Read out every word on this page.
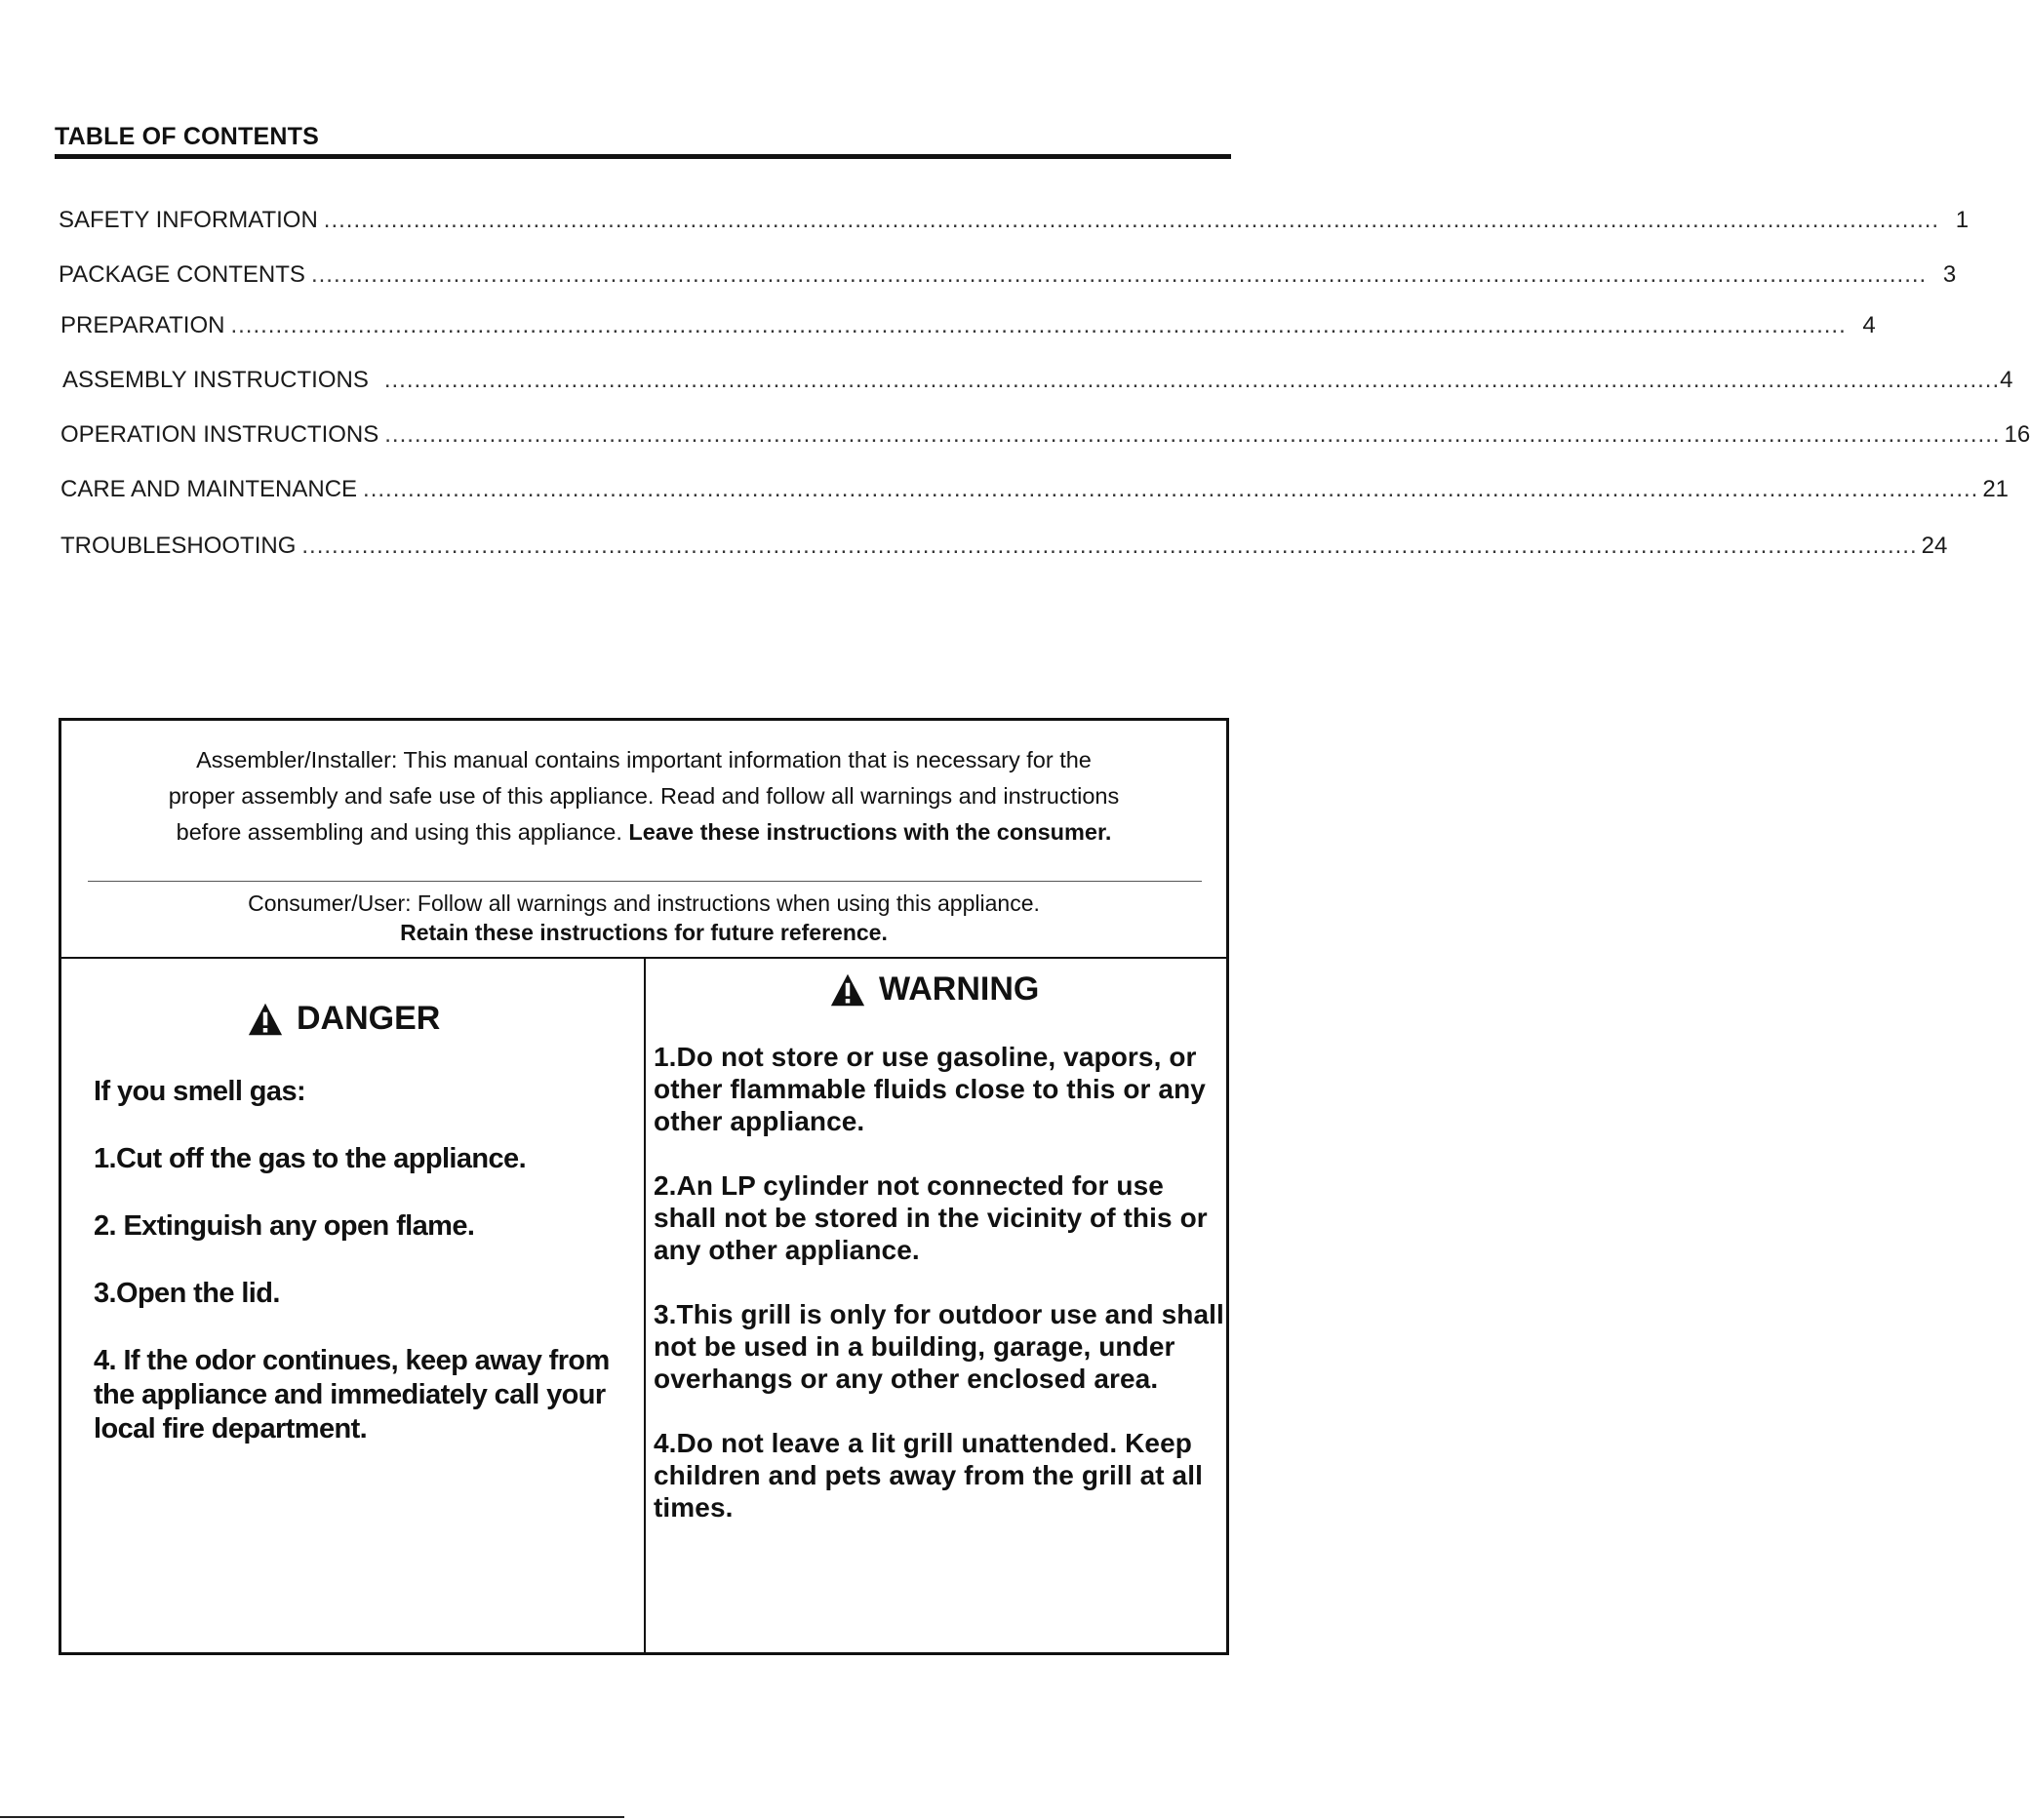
TABLE OF CONTENTS
SAFETY INFORMATION ........................................................................................................................................................................................................................ 1
PACKAGE CONTENTS ........................................................................................................................................................................................................................ 3
PREPARATION ........................................................................................................................................................................................................................ 4
ASSEMBLY INSTRUCTIONS ........................................................................................................................................................................................................................ 4
OPERATION INSTRUCTIONS ........................................................................................................................................................................................................................ 16
CARE AND MAINTENANCE ........................................................................................................................................................................................................................ 21
TROUBLESHOOTING ........................................................................................................................................................................................................................ 24
Assembler/Installer: This manual contains important information that is necessary for the
proper assembly and safe use of this appliance. Read and follow all warnings and instructions
before assembling and using this appliance. Leave these instructions with the consumer.
Consumer/User: Follow all warnings and instructions when using this appliance.
Retain these instructions for future reference.
DANGER

If you smell gas:

1.Cut off the gas to the appliance.

2. Extinguish any open flame.

3.Open the lid.

4. If the odor continues, keep away from the appliance and immediately call your local fire department.

WARNING

1.Do not store or use gasoline, vapors, or other flammable fluids close to this or any other appliance.

2.An LP cylinder not connected for use shall not be stored in the vicinity of this or any other appliance.

3.This grill is only for outdoor use and shall not be used in a building, garage, under overhangs or any other enclosed area.

4.Do not leave a lit grill unattended. Keep children and pets away from the grill at all times.
